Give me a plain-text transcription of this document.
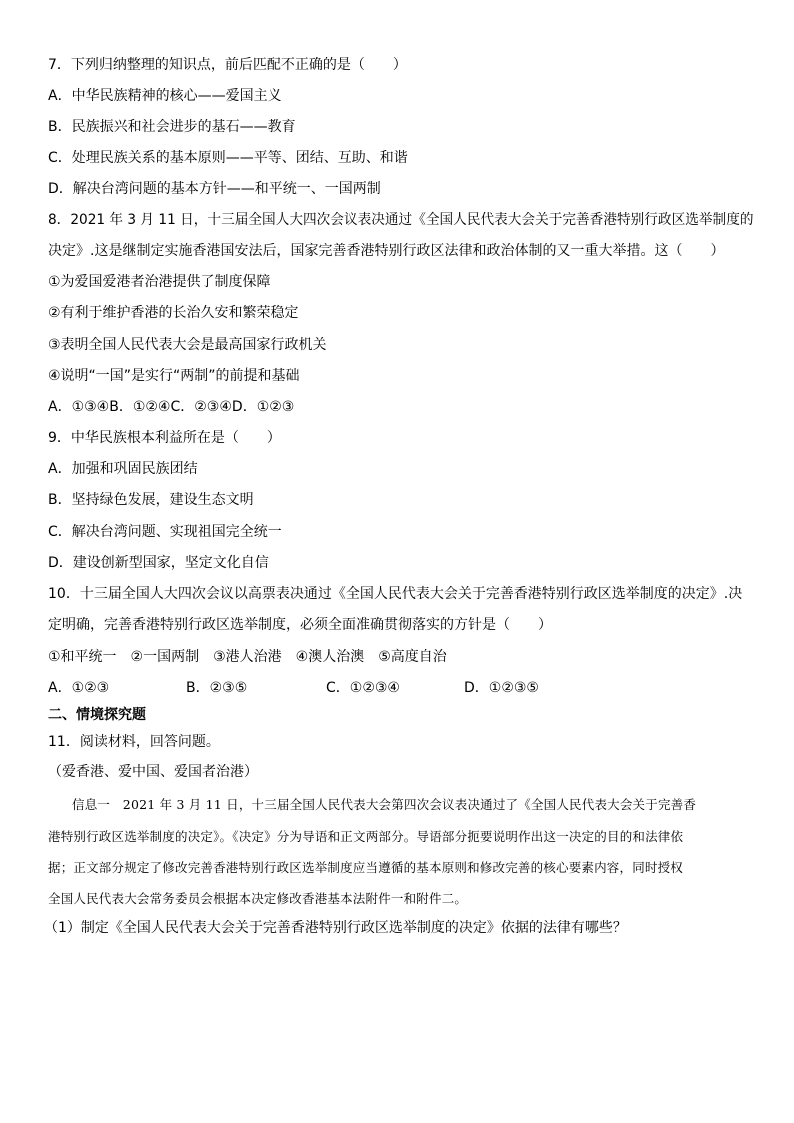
7．下列归纳整理的知识点，前后匹配不正确的是（　　）
A．中华民族精神的核心——爱国主义
B．民族振兴和社会进步的基石——教育
C．处理民族关系的基本原则——平等、团结、互助、和谐
D．解决台湾问题的基本方针——和平统一、一国两制
8．2021 年 3 月 11 日，十三届全国人大四次会议表决通过《全国人民代表大会关于完善香港特别行政区选举制度的
决定》.这是继制定实施香港国安法后，国家完善香港特别行政区法律和政治体制的又一重大举措。这（　　）
①为爱国爱港者治港提供了制度保障
②有利于维护香港的长治久安和繁荣稳定
③表明全国人民代表大会是最高国家行政机关
④说明“一国”是实行“两制”的前提和基础
A．①③④B．①②④C．②③④D．①②③
9．中华民族根本利益所在是（　　）
A．加强和巩固民族团结
B．坚持绿色发展，建设生态文明
C．解决台湾问题、实现祖国完全统一
D．建设创新型国家，坚定文化自信
10．十三届全国人大四次会议以高票表决通过《全国人民代表大会关于完善香港特别行政区选举制度的决定》.决
定明确，完善香港特别行政区选举制度，必须全面准确贯彻落实的方针是（　　）
①和平统一　②一国两制　③港人治港　④澳人治澳　⑤高度自治
A．①②③	B．②③⑤	C．①②③④	D．①②③⑤
二、情境探究题
11．阅读材料，回答问题。
（爱香港、爱中国、爱国者治港）
信息一　2021 年 3 月 11 日，十三届全国人民代表大会第四次会议表决通过了《全国人民代表大会关于完善香
港特别行政区选举制度的决定》。《决定》分为导语和正文两部分。导语部分扼要说明作出这一决定的目的和法律依
据；正文部分规定了修改完善香港特别行政区选举制度应当遵循的基本原则和修改完善的核心要素内容，同时授权
全国人民代表大会常务委员会根据本决定修改香港基本法附件一和附件二。
（1）制定《全国人民代表大会关于完善香港特别行政区选举制度的决定》依据的法律有哪些？
